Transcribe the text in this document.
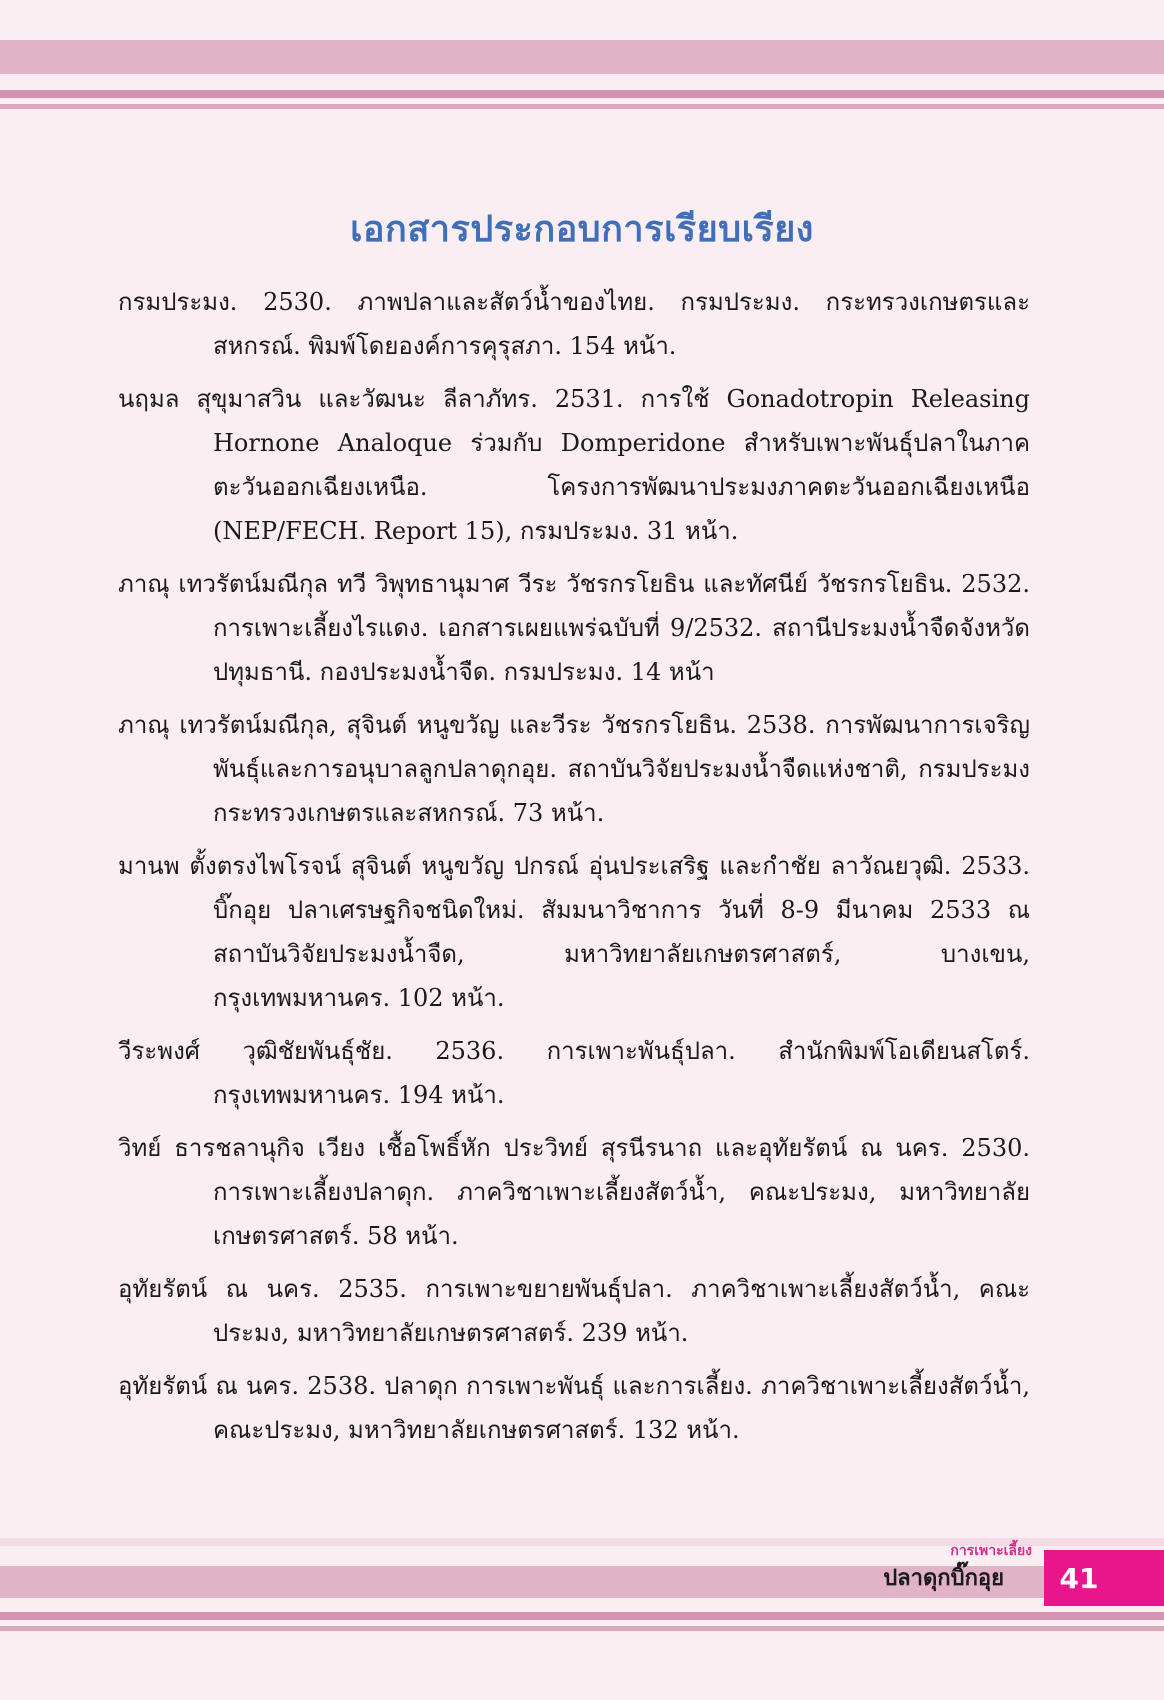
เอกสารประกอบการเรียบเรียง
กรมประมง. 2530. ภาพปลาและสัตว์น้ำของไทย. กรมประมง. กระทรวงเกษตรและสหกรณ์. พิมพ์โดยองค์การคุรุสภา. 154 หน้า.
นฤมล สุขุมาสวิน และวัฒนะ ลีลาภัทร. 2531. การใช้ Gonadotropin Releasing Hornone Analoque ร่วมกับ Domperidone สำหรับเพาะพันธุ์ปลาในภาคตะวันออกเฉียงเหนือ. โครงการพัฒนาประมงภาคตะวันออกเฉียงเหนือ (NEP/FECH. Report 15), กรมประมง. 31 หน้า.
ภาณุ เทวรัตน์มณีกุล ทวี วิพุทธานุมาศ วีระ วัชรกรโยธิน และทัศนีย์ วัชรกรโยธิน. 2532. การเพาะเลี้ยงไรแดง. เอกสารเผยแพร่ฉบับที่ 9/2532. สถานีประมงน้ำจืดจังหวัดปทุมธานี. กองประมงน้ำจืด. กรมประมง. 14 หน้า
ภาณุ เทวรัตน์มณีกุล, สุจินต์ หนูขวัญ และวีระ วัชรกรโยธิน. 2538. การพัฒนาการเจริญพันธุ์และการอนุบาลลูกปลาดุกอุย. สถาบันวิจัยประมงน้ำจืดแห่งชาติ, กรมประมง กระทรวงเกษตรและสหกรณ์. 73 หน้า.
มานพ ตั้งตรงไพโรจน์ สุจินต์ หนูขวัญ ปกรณ์ อุ่นประเสริฐ และกำชัย ลาวัณยวุฒิ. 2533. บิ๊กอุย ปลาเศรษฐกิจชนิดใหม่. สัมมนาวิชาการ วันที่ 8-9 มีนาคม 2533 ณ สถาบันวิจัยประมงน้ำจืด, มหาวิทยาลัยเกษตรศาสตร์, บางเขน, กรุงเทพมหานคร. 102 หน้า.
วีระพงศ์ วุฒิชัยพันธุ์ชัย. 2536. การเพาะพันธุ์ปลา. สำนักพิมพ์โอเดียนสโตร์. กรุงเทพมหานคร. 194 หน้า.
วิทย์ ธารชลานุกิจ เวียง เชื้อโพธิ์หัก ประวิทย์ สุรนีรนาถ และอุทัยรัตน์ ณ นคร. 2530. การเพาะเลี้ยงปลาดุก. ภาควิชาเพาะเลี้ยงสัตว์น้ำ, คณะประมง, มหาวิทยาลัยเกษตรศาสตร์. 58 หน้า.
อุทัยรัตน์ ณ นคร. 2535. การเพาะขยายพันธุ์ปลา. ภาควิชาเพาะเลี้ยงสัตว์น้ำ, คณะประมง, มหาวิทยาลัยเกษตรศาสตร์. 239 หน้า.
อุทัยรัตน์ ณ นคร. 2538. ปลาดุก การเพาะพันธุ์ และการเลี้ยง. ภาควิชาเพาะเลี้ยงสัตว์น้ำ, คณะประมง, มหาวิทยาลัยเกษตรศาสตร์. 132 หน้า.
การเพาะเลี้ยง
ปลาดุกบิ๊กอุย 41
